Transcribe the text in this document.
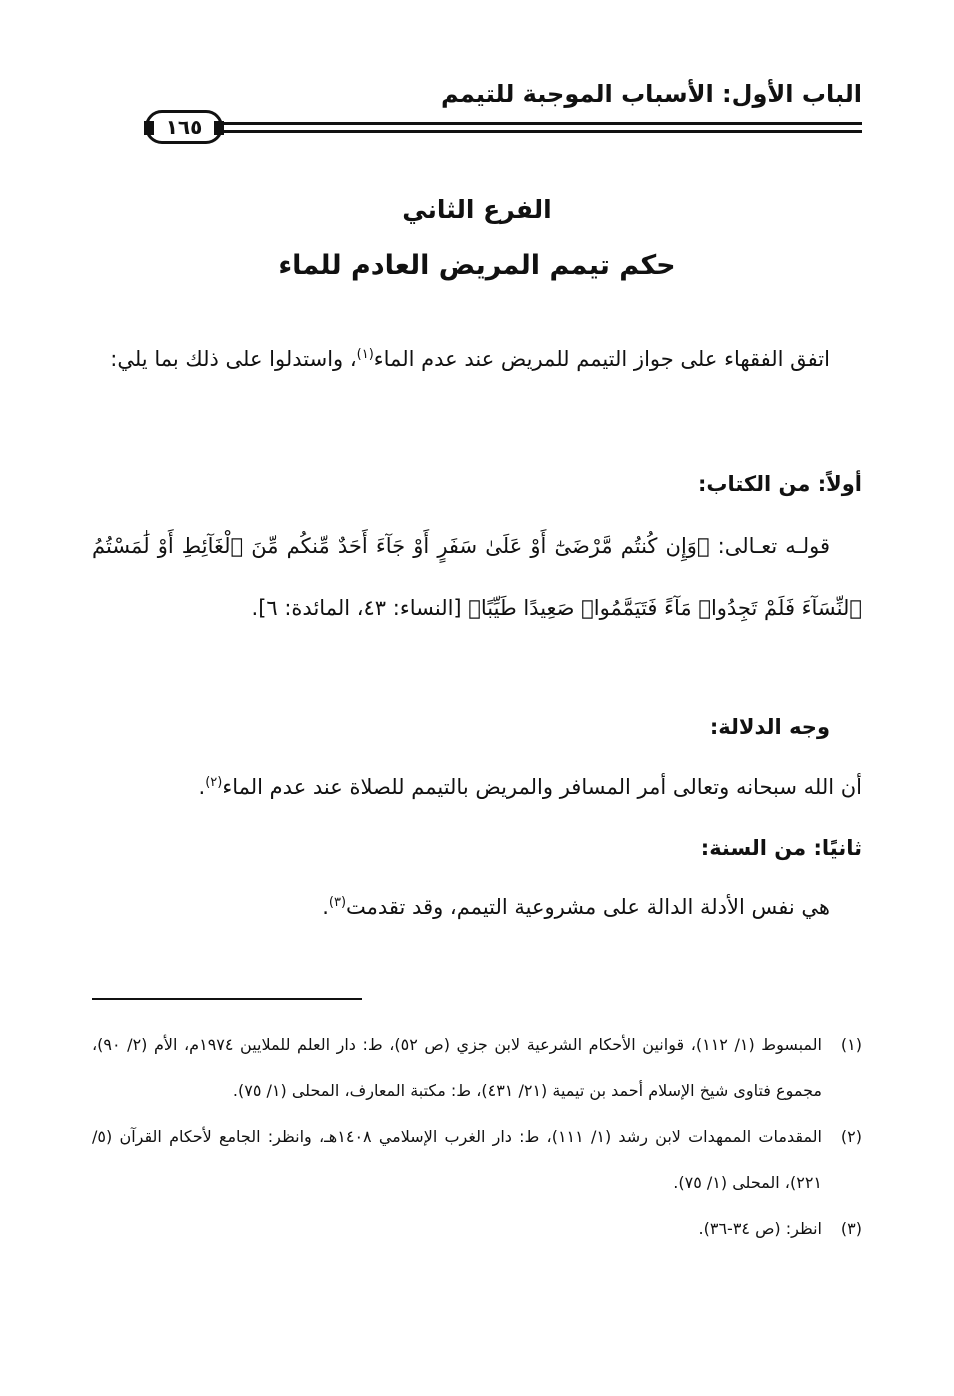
الباب الأول: الأسباب الموجبة للتيمم
١٦٥
الفرع الثاني
حكم تيمم المريض العادم للماء
اتفق الفقهاء على جواز التيمم للمريض عند عدم الماء$^{(١)}$، واستدلوا على ذلك بما يلي:
أولاً: من الكتاب:
قولـه تعـالى: ﴿وَإِن كُنتُم مَّرْضَىٰٓ أَوْ عَلَىٰ سَفَرٍ أَوْ جَآءَ أَحَدٌ مِّنكُم مِّنَ ٱلْغَآئِطِ أَوْ لَٰمَسْتُمُ ٱلنِّسَآءَ فَلَمْ تَجِدُوا۟ مَآءً فَتَيَمَّمُوا۟ صَعِيدًا طَيِّبًا﴾ [النساء: ٤٣، المائدة: ٦].
وجه الدلالة:
أن الله سبحانه وتعالى أمر المسافر والمريض بالتيمم للصلاة عند عدم الماء$^{(٢)}$.
ثانيًا: من السنة:
هي نفس الأدلة الدالة على مشروعية التيمم، وقد تقدمت$^{(٣)}$.
(١)
المبسوط (١/ ١١٢)، قوانين الأحكام الشرعية لابن جزي (ص ٥٢)، ط: دار العلم للملايين ١٩٧٤م، الأم (٢/ ٩٠)، مجموع فتاوى شيخ الإسلام أحمد بن تيمية (٢١/ ٤٣١)، ط: مكتبة المعارف، المحلى (١/ ٧٥).
(٢)
المقدمات الممهدات لابن رشد (١/ ١١١)، ط: دار الغرب الإسلامي ١٤٠٨هـ، وانظر: الجامع لأحكام القرآن (٥/ ٢٢١)، المحلى (١/ ٧٥).
(٣)
انظر: (ص ٣٤-٣٦).
